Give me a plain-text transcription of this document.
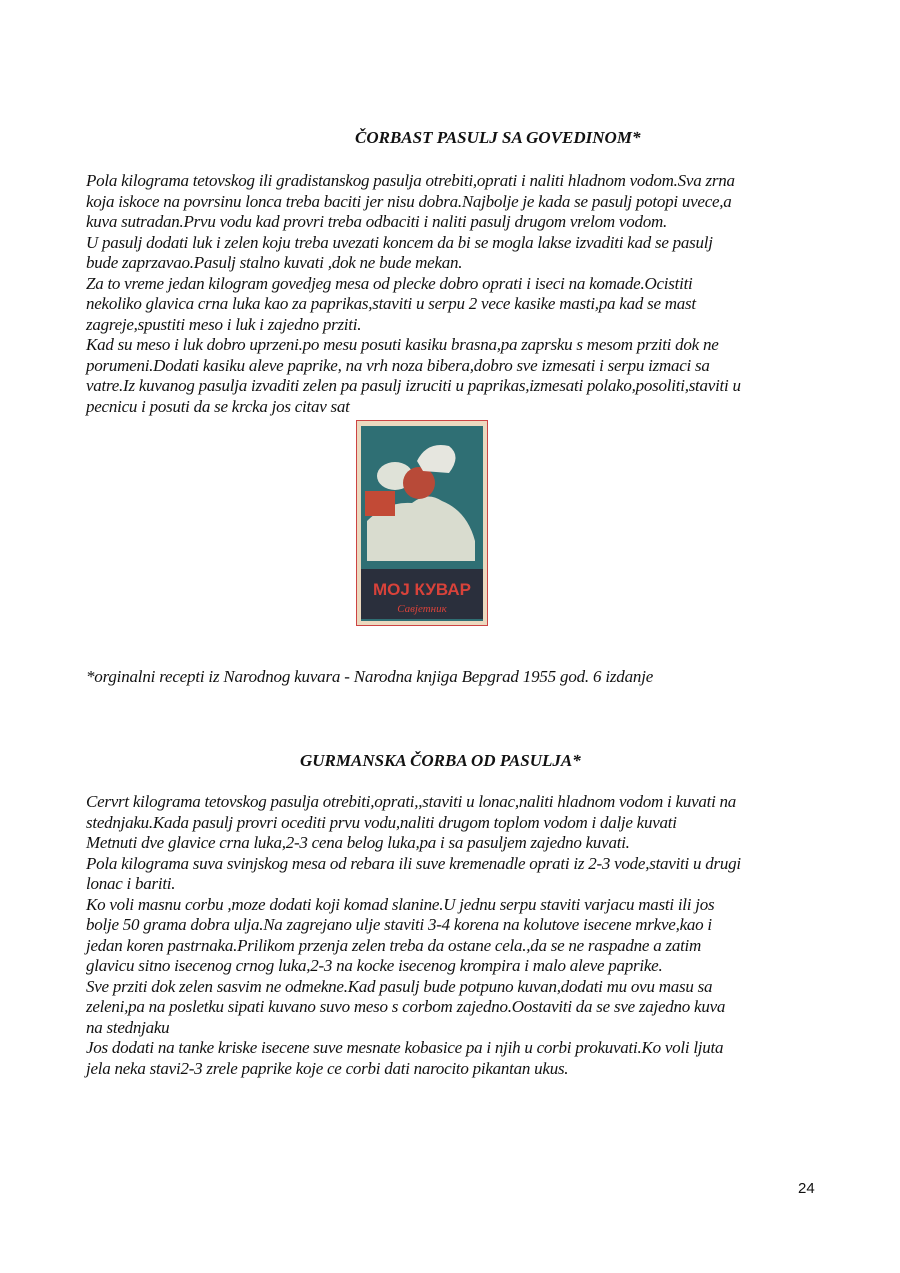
ČORBAST PASULJ SA GOVEDINOM*
Pola kilograma tetovskog ili gradistanskog pasulja otrebiti,oprati i naliti hladnom vodom.Sva zrna
koja iskoce na povrsinu lonca treba baciti jer nisu dobra.Najbolje je kada se pasulj potopi uvece,a
kuva sutradan.Prvu vodu kad provri treba odbaciti i naliti pasulj drugom vrelom vodom.
U pasulj dodati luk i zelen koju treba uvezati koncem da bi se mogla lakse izvaditi kad se pasulj
bude zaprzavao.Pasulj stalno kuvati ,dok ne bude mekan.
Za to vreme jedan kilogram govedjeg mesa od plecke dobro oprati i iseci na komade.Ocistiti
nekoliko glavica crna luka kao za paprikas,staviti u serpu 2 vece kasike masti,pa kad se mast
zagreje,spustiti meso i luk i zajedno prziti.
Kad su meso i luk dobro uprzeni.po mesu posuti kasiku brasna,pa zaprsku s mesom prziti dok ne
porumeni.Dodati kasiku aleve paprike, na vrh noza bibera,dobro sve izmesati i serpu izmaci sa
vatre.Iz kuvanog pasulja izvaditi zelen pa pasulj izruciti u paprikas,izmesati polako,posoliti,staviti u
pecnicu i posuti da se krcka jos citav sat
МОЈ КУВАР
Савјетник
*orginalni recepti iz Narodnog kuvara - Narodna knjiga Bepgrad 1955 god. 6 izdanje
GURMANSKA ČORBA OD PASULJA*
Cervrt kilograma tetovskog pasulja otrebiti,oprati,,staviti u lonac,naliti hladnom vodom i kuvati na
stednjaku.Kada pasulj provri ocediti prvu vodu,naliti drugom toplom vodom i dalje kuvati
Metnuti dve glavice crna luka,2-3 cena belog luka,pa i sa pasuljem zajedno kuvati.
Pola kilograma suva svinjskog mesa od rebara ili suve kremenadle oprati iz 2-3 vode,staviti u drugi
lonac i bariti.
Ko voli masnu corbu ,moze dodati koji komad slanine.U jednu serpu staviti varjacu masti ili jos
bolje 50 grama dobra ulja.Na zagrejano ulje staviti 3-4 korena na kolutove isecene mrkve,kao i
jedan koren pastrnaka.Prilikom przenja zelen treba da ostane cela.,da se ne raspadne a zatim
glavicu sitno isecenog crnog luka,2-3 na kocke isecenog krompira i malo aleve paprike.
Sve prziti dok zelen sasvim ne odmekne.Kad pasulj bude potpuno kuvan,dodati mu ovu masu sa
zeleni,pa na posletku sipati kuvano suvo meso s corbom zajedno.Oostaviti da se sve zajedno kuva
na stednjaku
Jos dodati na tanke kriske isecene suve mesnate kobasice pa i njih u corbi prokuvati.Ko voli ljuta
jela neka stavi2-3 zrele paprike koje ce corbi dati narocito pikantan ukus.
24
